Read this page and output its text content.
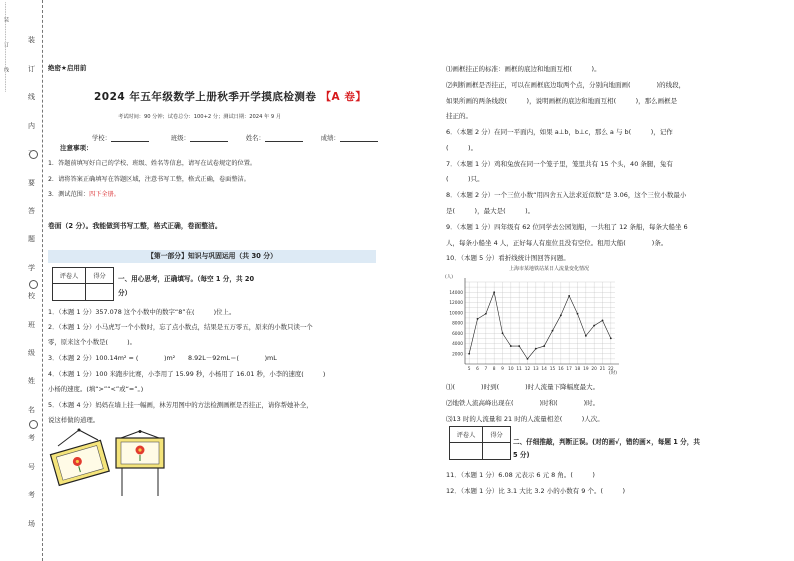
装
订
线
内
要
答
题
学
校
班
级
姓
名
考
号
考
场
………装…………订…………线…………	绝密★启用前
2024 年五年级数学上册秋季开学摸底检测卷 【A 卷】
考试时间：90 分钟；试卷总分：100+2 分；测试日期：2024 年 9 月
学校：	班级：	姓名：	成绩：
注意事项：
1．答题前填写好自己的学校、班级、姓名等信息，请写在试卷规定的位置。
2．请将答案正确填写在答题区域，注意书写工整，格式正确，卷面整洁。
3．测试范围：四下全册。
卷面（2 分）。我能做到书写工整，格式正确，卷面整洁。
【第一部分】知识与巩固运用（共 30 分）
评卷人	得分
	一、用心思考，正确填写。（每空 1 分，共 20
分）
1．（本题 1 分）357.078 这个小数中的数字“8”在(　　　)位上。
2．（本题 1 分）小马虎写一个小数时，忘了点小数点，结果是五万零五，原来的小数只读一个
零，原来这个小数是(　　　)。
3．（本题 2 分）100.14m² = (　　　　)m²　　8.92L－92mL＝(　　　　)mL
4．（本题 1 分）100 米跑步比赛，小李用了 15.99 秒，小杨用了 16.01 秒，小李的速度(　　　)
小杨的速度。(填“>”“<”或“=”。)
5．（本题 4 分）妈妈在墙上挂一幅画，林芳用图中的方法检测画框是否挂正，请你帮她补全，
说这样做的道理。
⑴画框挂正的标准：画框的底边和地面互相(　　　)。
⑵判断画框是否挂正，可以在画框底边取两个点，分别向地面画(　　　　)的线段，
如果所画的两条线段(　　　)，说明画框的底边和地面互相(　　　)，那么画框是
挂正的。
6．（本题 2 分）在同一平面内，如果 a⊥b，b⊥c，那么 a 与 b(　　　)，记作
(　　　)。
7．（本题 1 分）鸡和兔放在同一个笼子里，笼里共有 15 个头，40 条腿，兔有
(　　　)只。
8．（本题 2 分）一个三位小数“用四舍五入法求近似数”是 3.06，这个三位小数最小
是(　　　)，最大是(　　　)。
9．（本题 1 分）四年级有 62 位同学去公园划船，一共租了 12 条船，每条大船坐 6
人，每条小船坐 4 人，正好每人有座位且没有空位。租用大船(　　　　)条。
10．（本题 5 分）看折线统计图回答问题。
上海市某地铁站某日人流量变化情况
2000
4000
6000
8000
10000
12000
14000
5 6 7 8 9 10 11 12 13 14 15 16 17 18 19 20 21 22
(人)
(时)
⑴(　　　　)时到(　　　　)时人流量下降幅度最大。
⑵地铁人流高峰出现在(　　　　)时和(　　　　)时。
⑶13 时的人流量和 21 时的人流量相差(　　　)人次。
评卷人	得分

二、仔细推敲，判断正误。(对的画√，错的画×，每题 1 分，共
5 分)
11．（本题 1 分）6.08 元表示 6 元 8 角。(　　　)
12．（本题 1 分）比 3.1 大比 3.2 小的小数有 9 个。(　　　)
